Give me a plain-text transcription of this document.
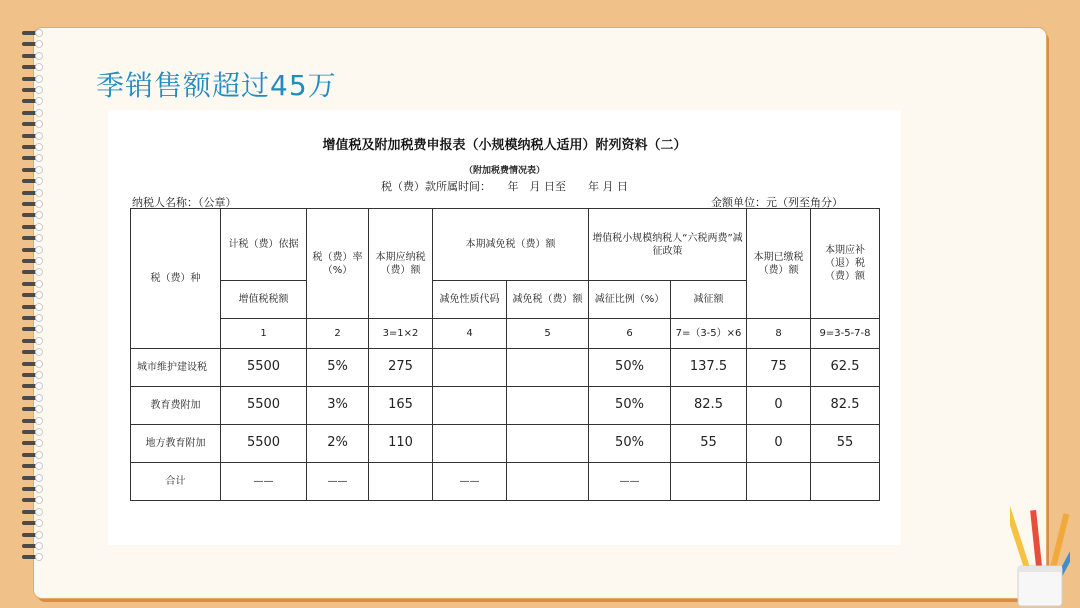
季销售额超过45万
增值税及附加税费申报表（小规模纳税人适用）附列资料（二）
（附加税费情况表）
税（费）款所属时间：　　年　月 日至　　年 月 日
纳税人名称：（公章）	金额单位：元（列至角分）
税（费）种	计税（费）依据	税（费）率（%）	本期应纳税（费）额	本期减免税（费）额		增值税小规模纳税人“六税两费”减征政策		本期已缴税（费）额	本期应补（退）税（费）额
	增值税税额			减免性质代码	减免税（费）额	减征比例（%）	减征额		
	1	2	3=1×2	4	5	6	7=（3-5）×6	8	9=3-5-7-8
城市维护建设税	5500	5%	275			50%	137.5	75	62.5
教育费附加	5500	3%	165			50%	82.5	0	82.5
地方教育附加	5500	2%	110			50%	55	0	55
合计	——	——		——		——			
